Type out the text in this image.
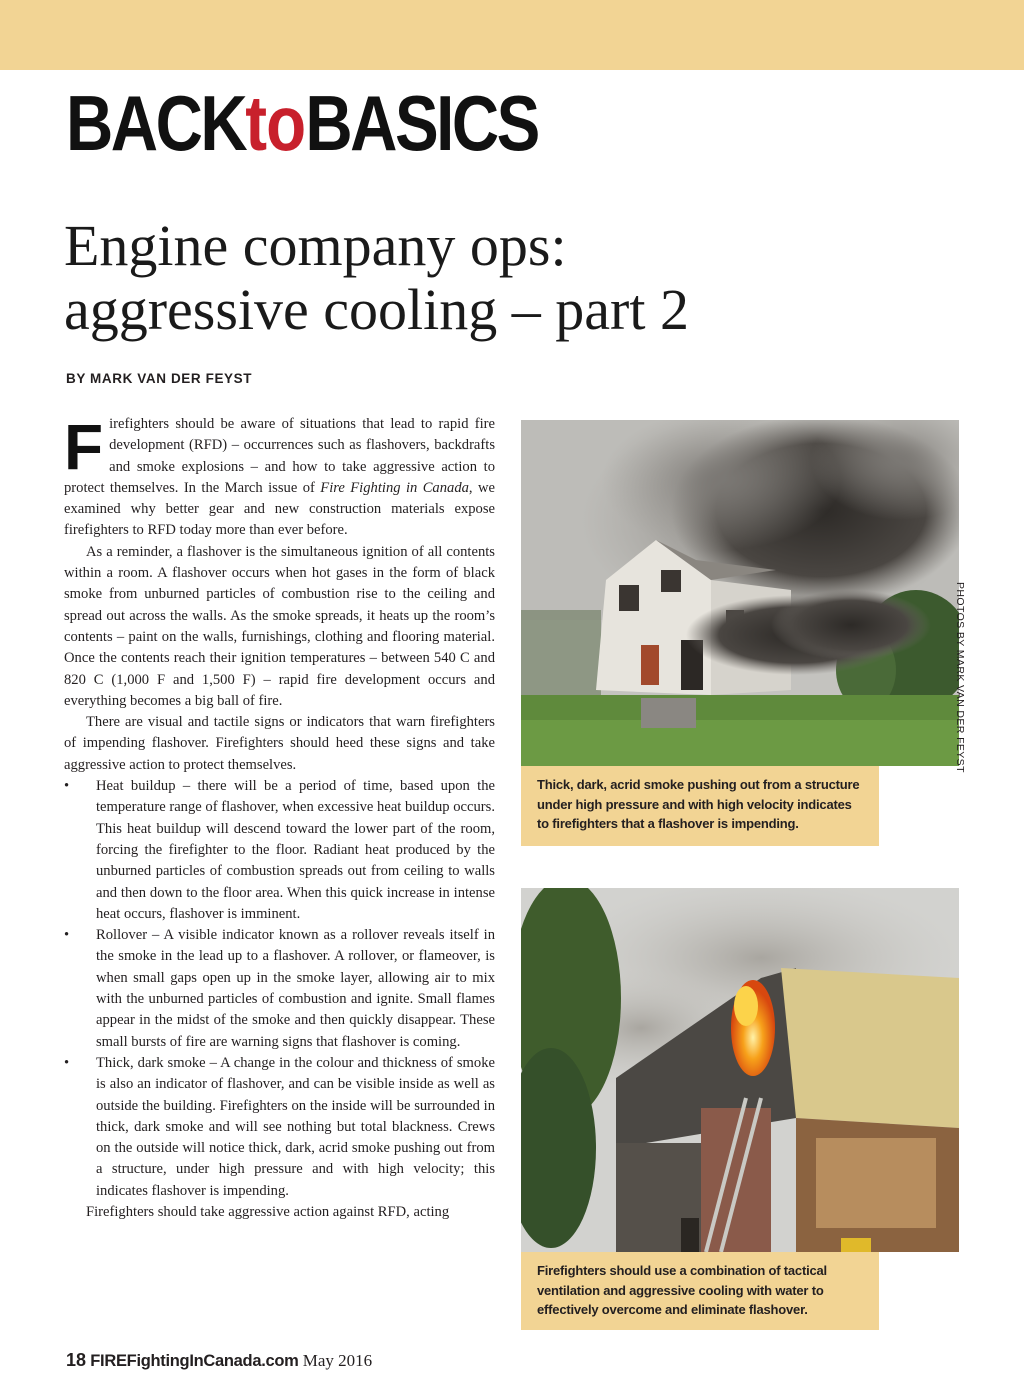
BACKtoBASICS
Engine company ops:
aggressive cooling – part 2
BY MARK VAN DER FEYST

Firefighters should be aware of situations that lead to rapid fire development (RFD) – occurrences such as flashovers, backdrafts and smoke explosions – and how to take aggressive action to protect themselves. In the March issue of Fire Fighting in Canada, we examined why better gear and new construction materials expose firefighters to RFD today more than ever before.

As a reminder, a flashover is the simultaneous ignition of all contents within a room. A flashover occurs when hot gases in the form of black smoke from unburned particles of combustion rise to the ceiling and spread out across the walls. As the smoke spreads, it heats up the room’s contents – paint on the walls, furnishings, clothing and flooring material. Once the contents reach their ignition temperatures – between 540 C and 820 C (1,000 F and 1,500 F) – rapid fire development occurs and everything becomes a big ball of fire.

There are visual and tactile signs or indicators that warn firefighters of impending flashover. Firefighters should heed these signs and take aggressive action to protect themselves.

• Heat buildup – there will be a period of time, based upon the temperature range of flashover, when excessive heat buildup occurs. This heat buildup will descend toward the lower part of the room, forcing the firefighter to the floor. Radiant heat produced by the unburned particles of combustion spreads out from ceiling to walls and then down to the floor area. When this quick increase in intense heat occurs, flashover is imminent.
• Rollover – A visible indicator known as a rollover reveals itself in the smoke in the lead up to a flashover. A rollover, or flameover, is when small gaps open up in the smoke layer, allowing air to mix with the unburned particles of combustion and ignite. Small flames appear in the midst of the smoke and then quickly disappear. These small bursts of fire are warning signs that flashover is coming.
• Thick, dark smoke – A change in the colour and thickness of smoke is also an indicator of flashover, and can be visible inside as well as outside the building. Firefighters on the inside will be surrounded in thick, dark smoke and will see nothing but total blackness. Crews on the outside will notice thick, dark, acrid smoke pushing out from a structure, under high pressure and with high velocity; this indicates flashover is impending.

Firefighters should take aggressive action against RFD, acting

PHOTOS BY MARK VAN DER FEYST
Thick, dark, acrid smoke pushing out from a structure under high pressure and with high velocity indicates to firefighters that a flashover is impending.
Firefighters should use a combination of tactical ventilation and aggressive cooling with water to effectively overcome and eliminate flashover.
18 FIREFightingInCanada.com May 2016
